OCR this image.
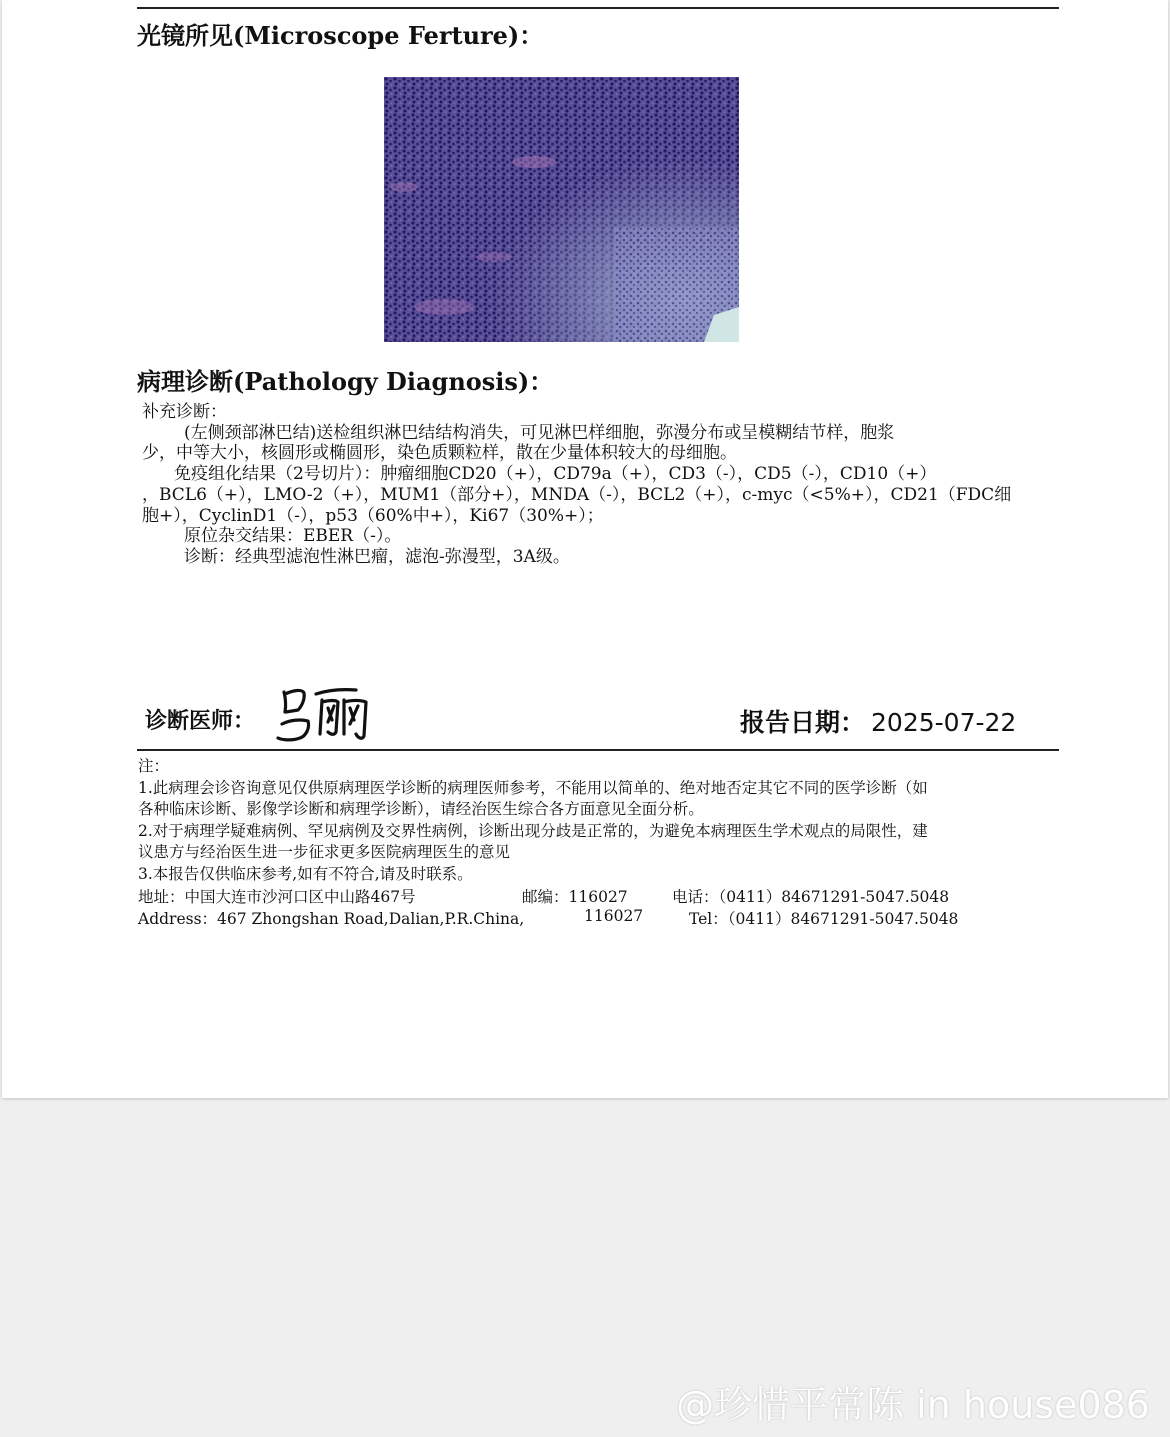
光镜所见(Microscope Ferture)：
病理诊断(Pathology Diagnosis)：
补充诊断：
(左侧颈部淋巴结)送检组织淋巴结结构消失，可见淋巴样细胞，弥漫分布或呈模糊结节样，胞浆
少，中等大小，核圆形或椭圆形，染色质颗粒样，散在少量体积较大的母细胞。
免疫组化结果（2号切片）：肿瘤细胞CD20（+），CD79a（+），CD3（-），CD5（-），CD10（+）
，BCL6（+），LMO-2（+），MUM1（部分+），MNDA（-），BCL2（+），c-myc（<5%+），CD21（FDC细
胞+），CyclinD1（-），p53（60%中+），Ki67（30%+）；
原位杂交结果：EBER（-）。
诊断：经典型滤泡性淋巴瘤，滤泡-弥漫型，3A级。
诊断医师：	报告日期： 2025-07-22
注：
1.此病理会诊咨询意见仅供原病理医学诊断的病理医师参考，不能用以简单的、绝对地否定其它不同的医学诊断（如
各种临床诊断、影像学诊断和病理学诊断），请经治医生综合各方面意见全面分析。
2.对于病理学疑难病例、罕见病例及交界性病例，诊断出现分歧是正常的，为避免本病理医生学术观点的局限性，建
议患方与经治医生进一步征求更多医院病理医生的意见
3.本报告仅供临床参考,如有不符合,请及时联系。
地址：中国大连市沙河口区中山路467号	邮编：116027	电话：（0411）84671291-5047.5048
Address：467 Zhongshan Road,Dalian,P.R.China,	116027	Tel：（0411）84671291-5047.5048
@珍惜平常陈 in house086
